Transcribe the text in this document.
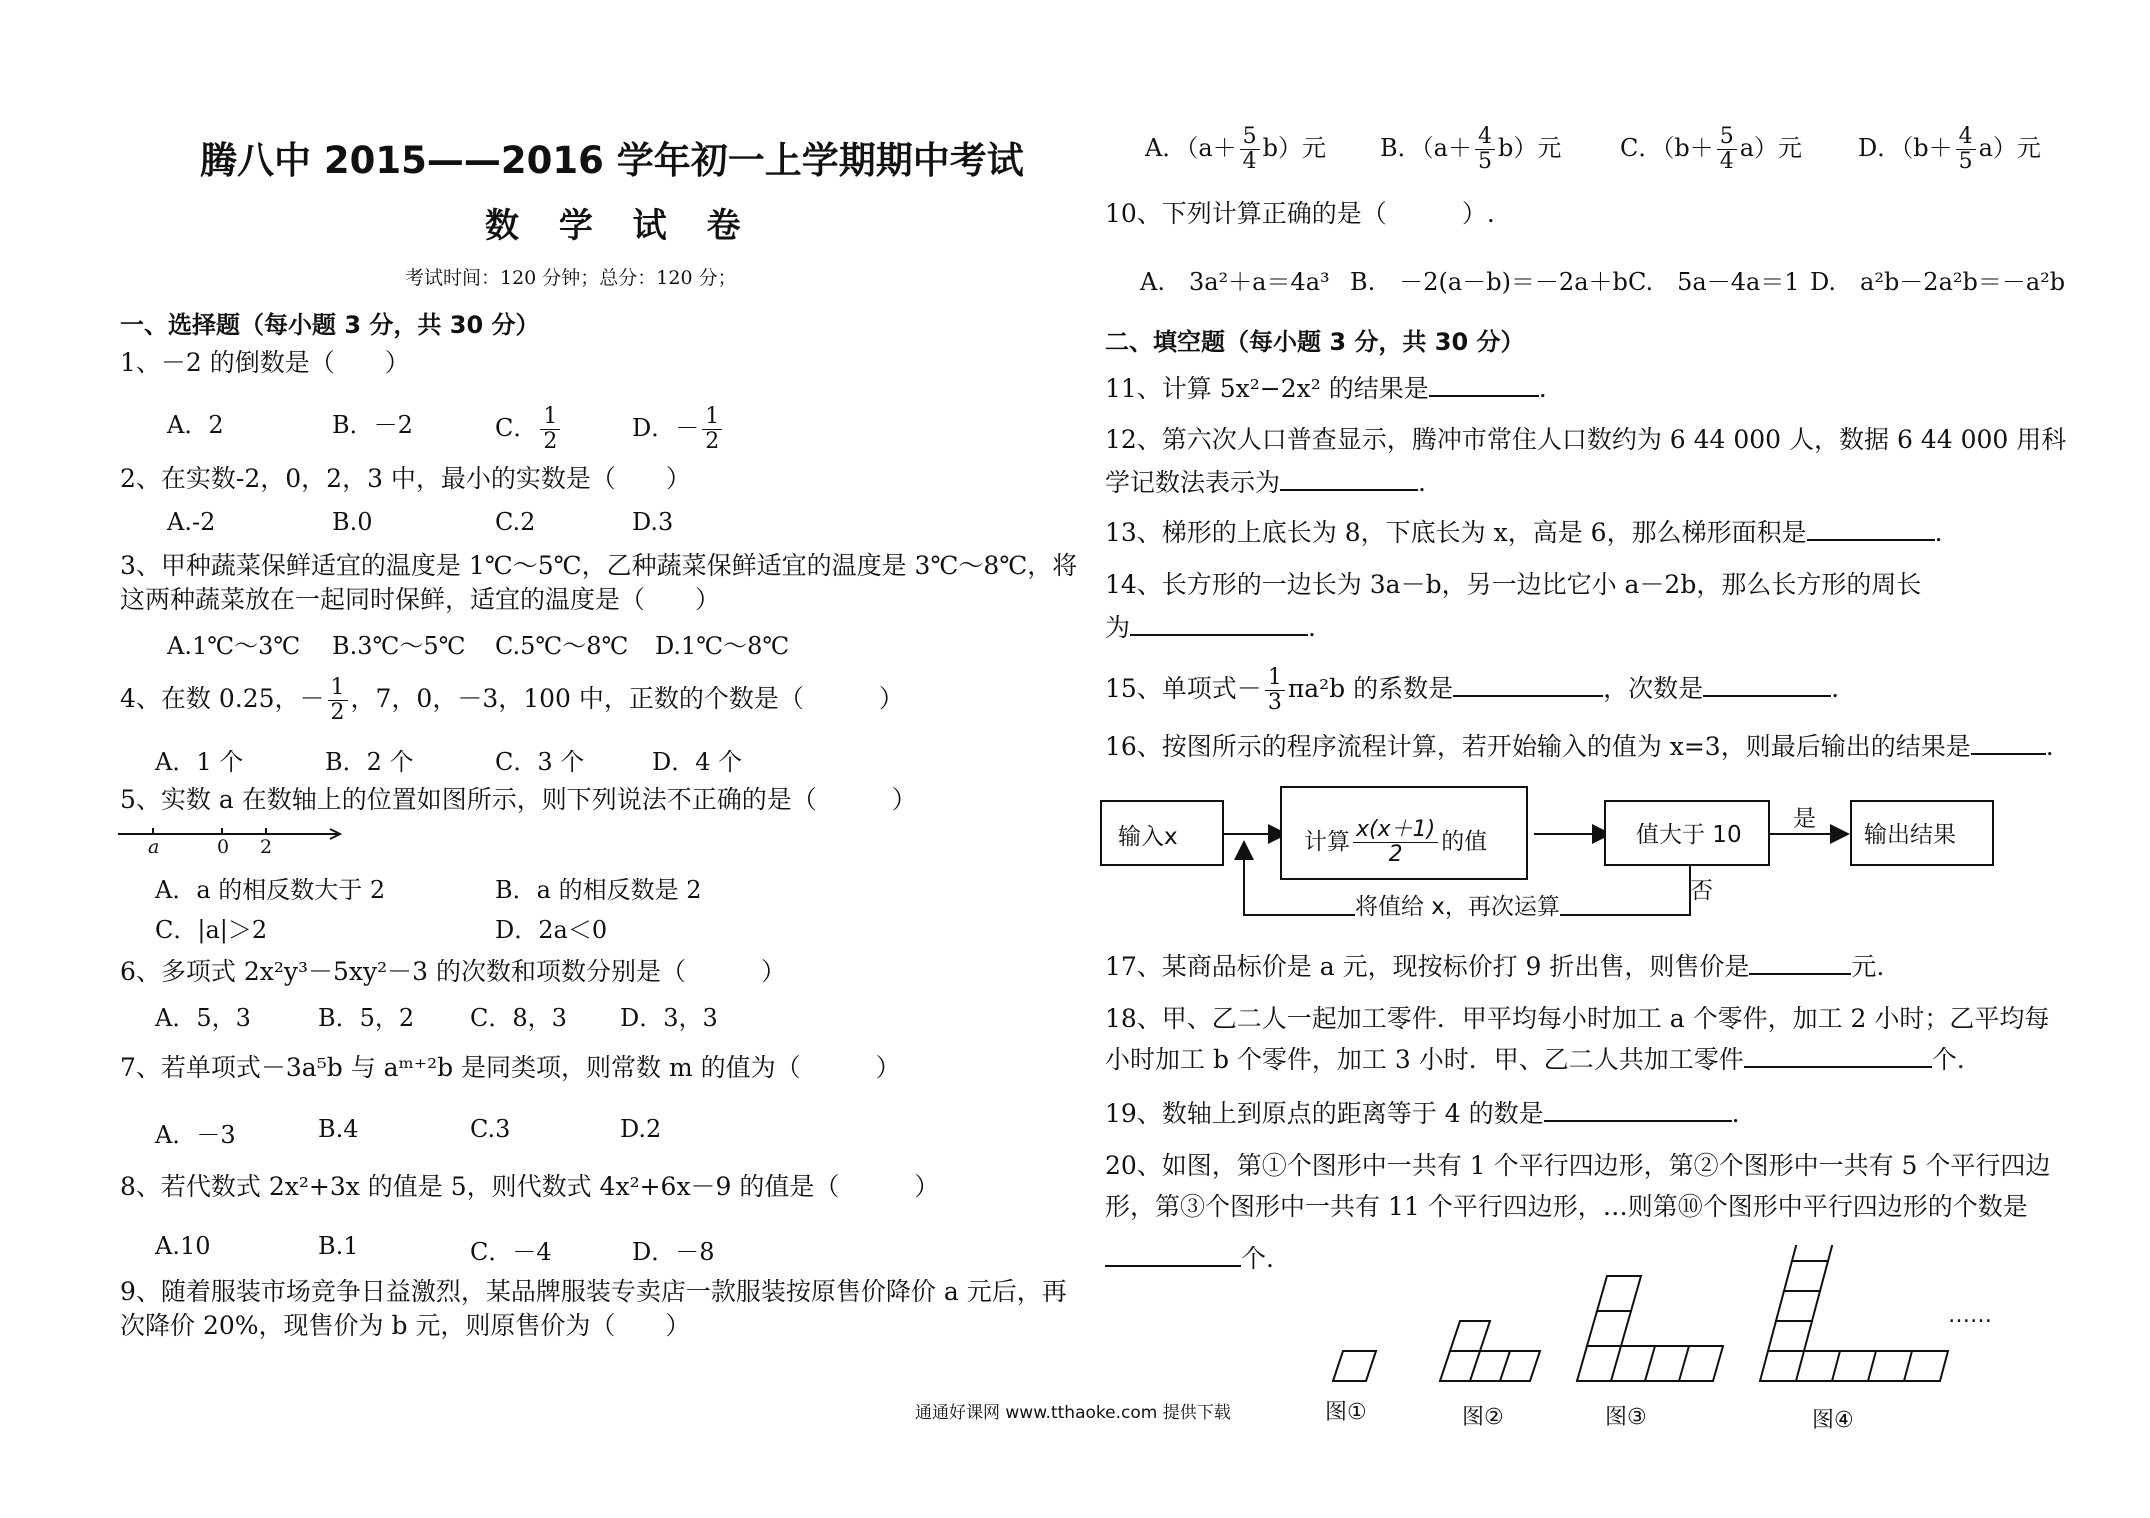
腾八中 2015——2016 学年初一上学期期中考试
数 学 试 卷
考试时间：120 分钟；总分：120 分；
一、选择题（每小题 3 分，共 30 分）
1、－2 的倒数是（　　）
A．2	B．－2	C． $\frac{1}{2}$	D．－ $\frac{1}{2}$
2、在实数-2，0，2，3 中，最小的实数是（　　）
A.-2	B.0	C.2	D.3
3、甲种蔬菜保鲜适宜的温度是 1℃～5℃，乙种蔬菜保鲜适宜的温度是 3℃～8℃，将
这两种蔬菜放在一起同时保鲜，适宜的温度是（　　）
A.1℃～3℃ B.3℃～5℃ C.5℃～8℃ D.1℃～8℃
4、在数 0.25，－ $\frac{1}{2}$ ，7，0，－3，100 中，正数的个数是（　　　）
A．1 个	B．2 个	C．3 个	D．4 个
5、实数 a 在数轴上的位置如图所示，则下列说法不正确的是（　　　）
a	0 2
A．a 的相反数大于 2	B．a 的相反数是 2
C．|a|＞2	D．2a＜0
6、多项式 2x²y³－5xy²－3 的次数和项数分别是（　　　）
A．5，3	B．5，2 C．8，3 D．3，3
7、若单项式－3a⁵b 与 aᵐ⁺²b 是同类项，则常数 m 的值为（　　　）
A．－3	B.4	C.3	D.2
8、若代数式 2x²+3x 的值是 5，则代数式 4x²+6x－9 的值是（　　　）
A.10	B.1	C．－4	D．－8
9、随着服装市场竞争日益激烈，某品牌服装专卖店一款服装按原售价降价 a 元后，再
次降价 20%，现售价为 b 元，则原售价为（　　）
A．$(a+ \frac{5}{4} b)$元 B．$(a+ \frac{4}{5} b)$元 C．$(b+ \frac{5}{4} a)$元 D．$(b+ \frac{4}{5} a)$元
10、下列计算正确的是（　　　）.
A.　3a²＋a＝4a³ B.　－2(a－b)＝－2a＋b C.　5a－4a＝1 D.　a²b－2a²b＝－a²b
二、填空题（每小题 3 分，共 30 分）
11、计算 5x²−2x² 的结果是	.
12、第六次人口普查显示，腾冲市常住人口数约为 6 44 000 人，数据 6 44 000 用科
学记数法表示为	.
13、梯形的上底长为 8，下底长为 x，高是 6，那么梯形面积是	.
14、长方形的一边长为 3a－b，另一边比它小 a－2b，那么长方形的周长
为	.
15、单项式－ $\frac{1}{3} \pi a^2b$ 的系数是	，次数是	.
16、按图所示的程序流程计算，若开始输入的值为 x=3，则最后输出的结果是	.
输入x	计算 $\frac{x(x+1)}{2}$ 的值	值大于 10
是
输出结果
否
将值给 x，再次运算
17、某商品标价是 a 元，现按标价打 9 折出售，则售价是	元.
18、甲、乙二人一起加工零件．甲平均每小时加工 a 个零件，加工 2 小时；乙平均每
小时加工 b 个零件，加工 3 小时．甲、乙二人共加工零件	个.
19、数轴上到原点的距离等于 4 的数是	.
20、如图，第①个图形中一共有 1 个平行四边形，第②个图形中一共有 5 个平行四边
形，第③个图形中一共有 11 个平行四边形，…则第⑩个图形中平行四边形的个数是
个.
……
图①	图②	图③	图④
通通好课网 www.tthaoke.com 提供下载
